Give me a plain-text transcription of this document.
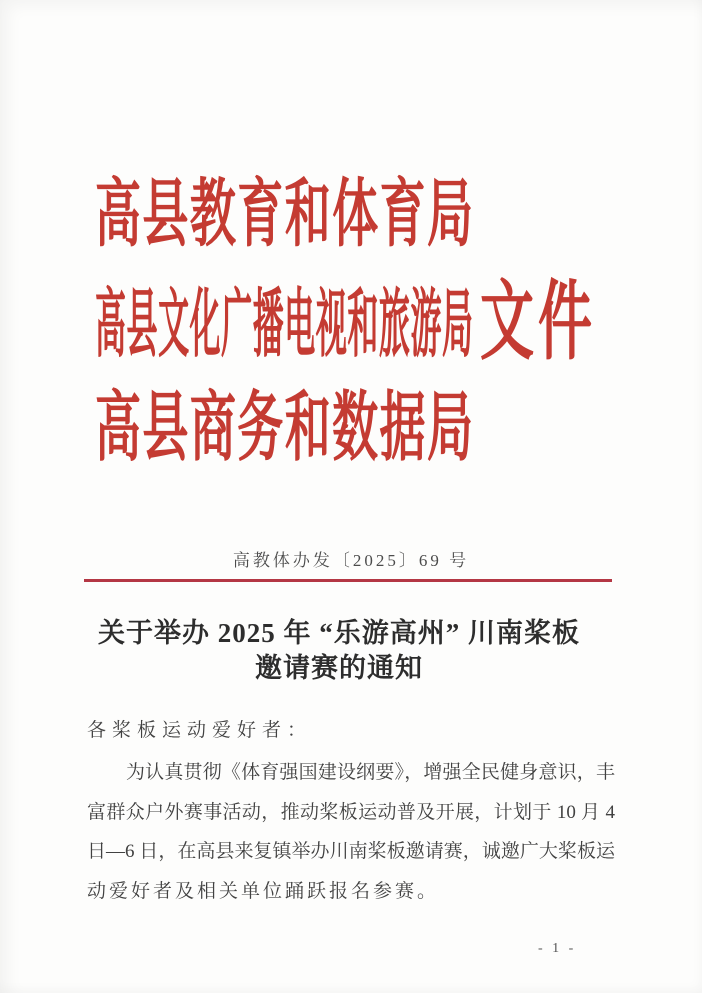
高县教育和体育局
高县文化广播电视和旅游局
高县商务和数据局
文件
高教体办发〔2025〕69 号
关于举办 2025 年 “乐游高州” 川南桨板
邀请赛的通知
各桨板运动爱好者：
为认真贯彻《体育强国建设纲要》，增强全民健身意识，丰
富群众户外赛事活动，推动桨板运动普及开展，计划于 10 月 4
日—6 日，在高县来复镇举办川南桨板邀请赛，诚邀广大桨板运
动爱好者及相关单位踊跃报名参赛。
- 1 -
